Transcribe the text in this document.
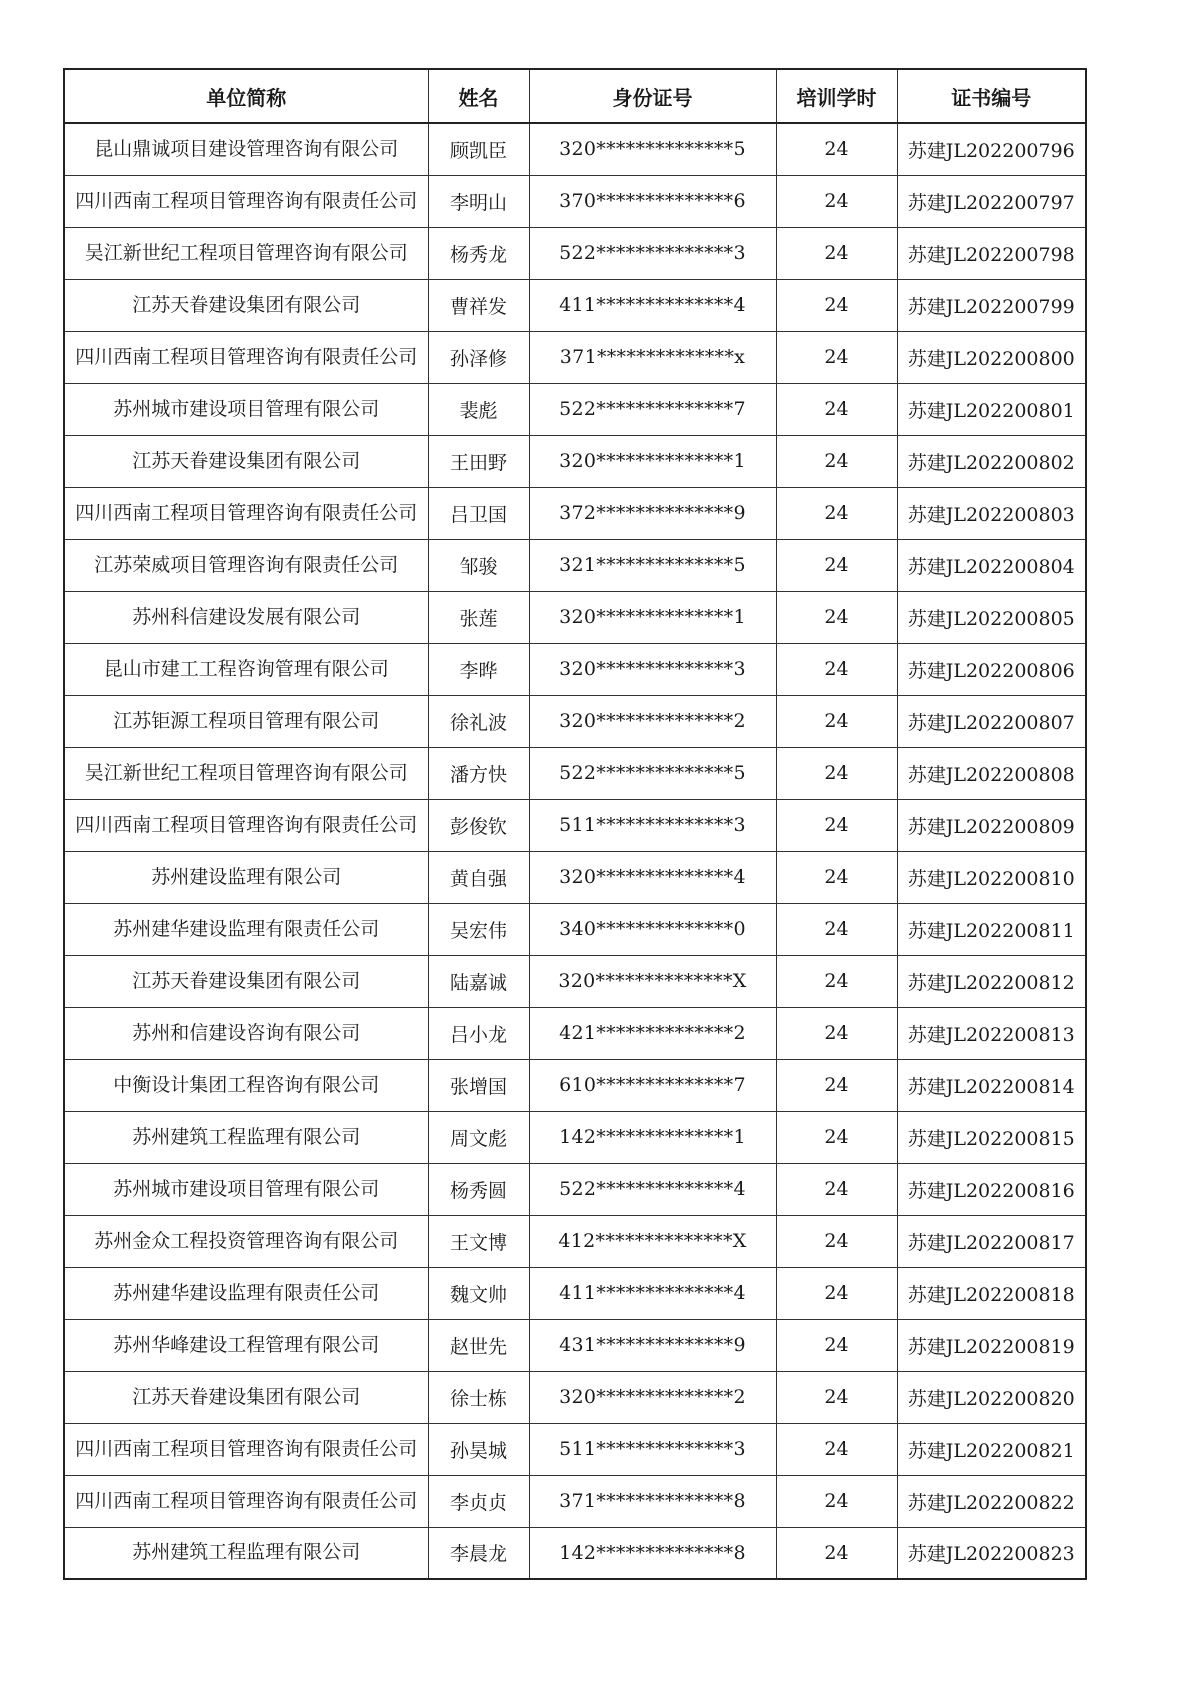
单位简称	姓名	身份证号	培训学时	证书编号
昆山鼎诚项目建设管理咨询有限公司	顾凯臣	320**************5	24	苏建JL202200796
四川西南工程项目管理咨询有限责任公司	李明山	370**************6	24	苏建JL202200797
吴江新世纪工程项目管理咨询有限公司	杨秀龙	522**************3	24	苏建JL202200798
江苏天眷建设集团有限公司	曹祥发	411**************4	24	苏建JL202200799
四川西南工程项目管理咨询有限责任公司	孙泽修	371**************x	24	苏建JL202200800
苏州城市建设项目管理有限公司	裴彪	522**************7	24	苏建JL202200801
江苏天眷建设集团有限公司	王田野	320**************1	24	苏建JL202200802
四川西南工程项目管理咨询有限责任公司	吕卫国	372**************9	24	苏建JL202200803
江苏荣威项目管理咨询有限责任公司	邹骏	321**************5	24	苏建JL202200804
苏州科信建设发展有限公司	张莲	320**************1	24	苏建JL202200805
昆山市建工工程咨询管理有限公司	李晔	320**************3	24	苏建JL202200806
江苏钜源工程项目管理有限公司	徐礼波	320**************2	24	苏建JL202200807
吴江新世纪工程项目管理咨询有限公司	潘方快	522**************5	24	苏建JL202200808
四川西南工程项目管理咨询有限责任公司	彭俊钦	511**************3	24	苏建JL202200809
苏州建设监理有限公司	黄自强	320**************4	24	苏建JL202200810
苏州建华建设监理有限责任公司	吴宏伟	340**************0	24	苏建JL202200811
江苏天眷建设集团有限公司	陆嘉诚	320**************X	24	苏建JL202200812
苏州和信建设咨询有限公司	吕小龙	421**************2	24	苏建JL202200813
中衡设计集团工程咨询有限公司	张增国	610**************7	24	苏建JL202200814
苏州建筑工程监理有限公司	周文彪	142**************1	24	苏建JL202200815
苏州城市建设项目管理有限公司	杨秀圆	522**************4	24	苏建JL202200816
苏州金众工程投资管理咨询有限公司	王文博	412**************X	24	苏建JL202200817
苏州建华建设监理有限责任公司	魏文帅	411**************4	24	苏建JL202200818
苏州华峰建设工程管理有限公司	赵世先	431**************9	24	苏建JL202200819
江苏天眷建设集团有限公司	徐士栋	320**************2	24	苏建JL202200820
四川西南工程项目管理咨询有限责任公司	孙昊城	511**************3	24	苏建JL202200821
四川西南工程项目管理咨询有限责任公司	李贞贞	371**************8	24	苏建JL202200822
苏州建筑工程监理有限公司	李晨龙	142**************8	24	苏建JL202200823
